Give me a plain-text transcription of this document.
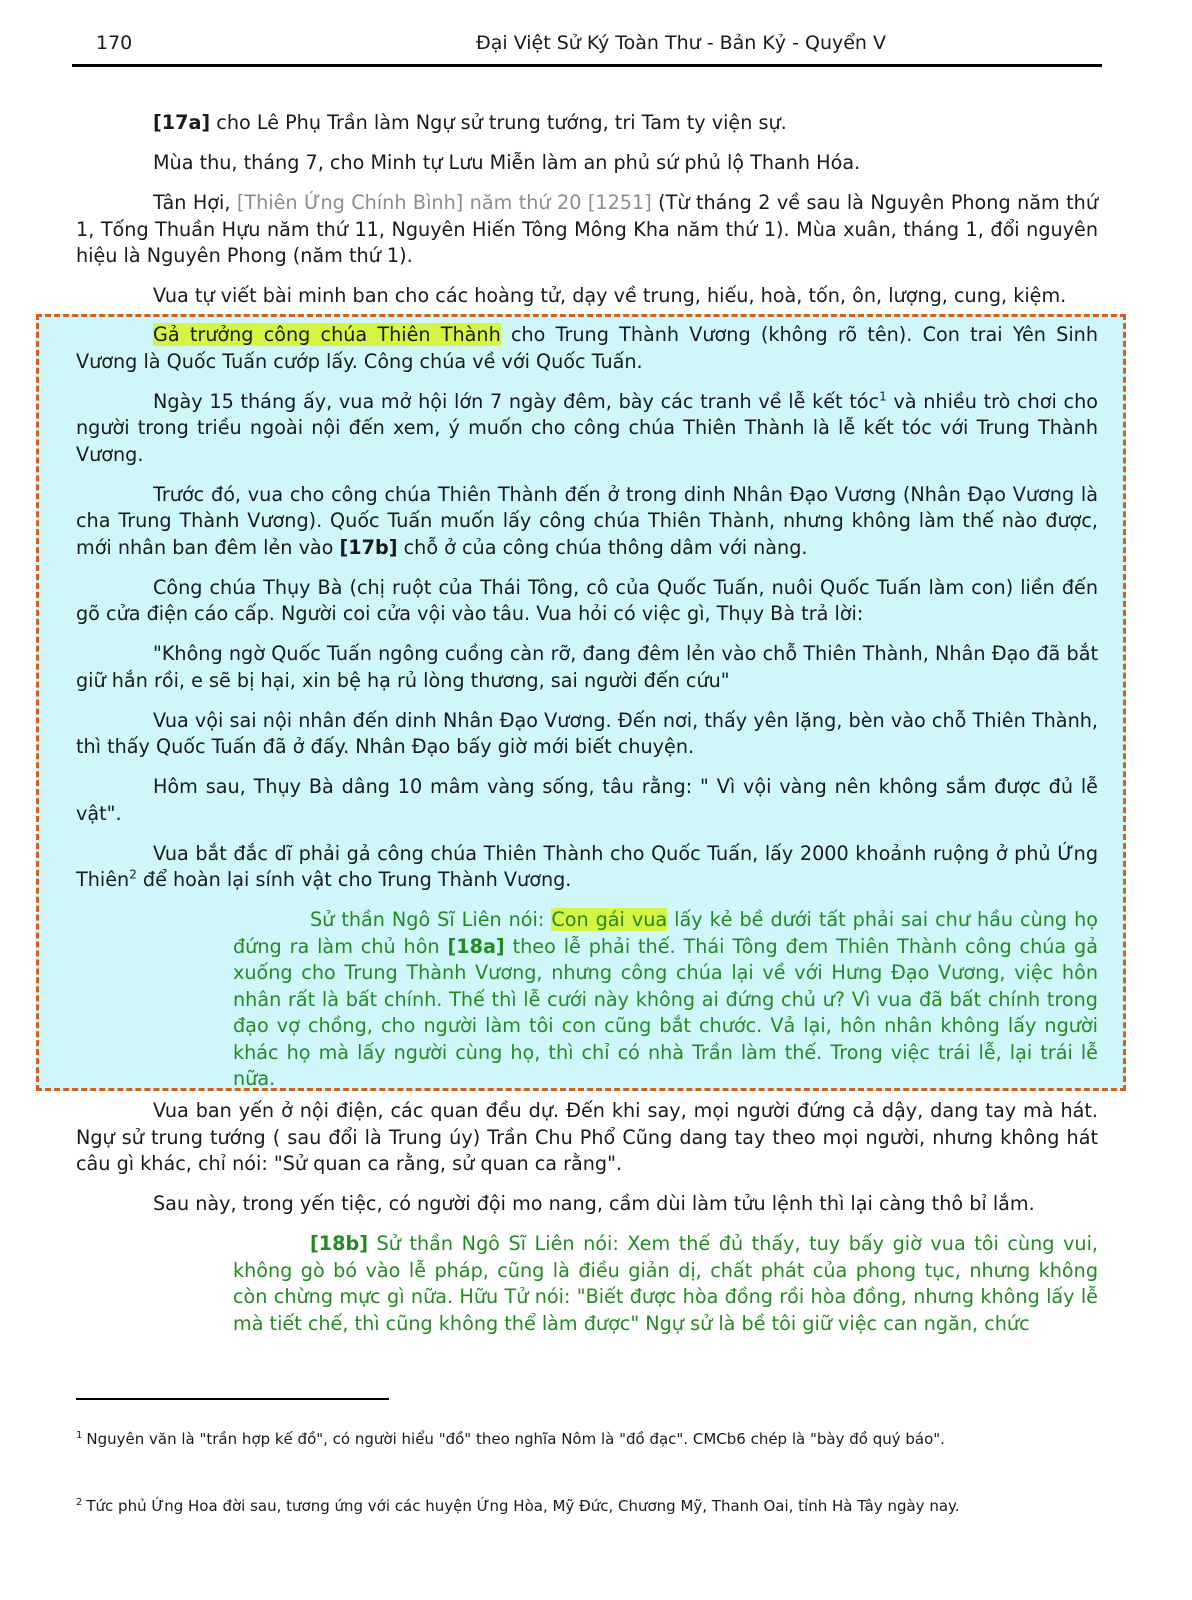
170	Đại Việt Sử Ký Toàn Thư - Bản Kỷ - Quyển V

[17a] cho Lê Phụ Trần làm Ngự sử trung tướng, tri Tam ty viện sự.

Mùa thu, tháng 7, cho Minh tự Lưu Miễn làm an phủ sứ phủ lộ Thanh Hóa.

Tân Hợi, [Thiên Ứng Chính Bình] năm thứ 20 [1251] (Từ tháng 2 về sau là Nguyên Phong năm thứ 1, Tống Thuần Hựu năm thứ 11, Nguyên Hiến Tông Mông Kha năm thứ 1). Mùa xuân, tháng 1, đổi nguyên hiệu là Nguyên Phong (năm thứ 1).

Vua tự viết bài minh ban cho các hoàng tử, dạy về trung, hiếu, hoà, tốn, ôn, lượng, cung, kiệm.

Gả trưởng công chúa Thiên Thành cho Trung Thành Vương (không rõ tên). Con trai Yên Sinh Vương là Quốc Tuấn cướp lấy. Công chúa về với Quốc Tuấn.

Ngày 15 tháng ấy, vua mở hội lớn 7 ngày đêm, bày các tranh về lễ kết tóc$^1$ và nhiều trò chơi cho người trong triều ngoài nội đến xem, ý muốn cho công chúa Thiên Thành là lễ kết tóc với Trung Thành Vương.

Trước đó, vua cho công chúa Thiên Thành đến ở trong dinh Nhân Đạo Vương (Nhân Đạo Vương là cha Trung Thành Vương). Quốc Tuấn muốn lấy công chúa Thiên Thành, nhưng không làm thế nào được, mới nhân ban đêm lẻn vào [17b] chỗ ở của công chúa thông dâm với nàng.

Công chúa Thụy Bà (chị ruột của Thái Tông, cô của Quốc Tuấn, nuôi Quốc Tuấn làm con) liền đến gõ cửa điện cáo cấp. Người coi cửa vội vào tâu. Vua hỏi có việc gì, Thụy Bà trả lời:

"Không ngờ Quốc Tuấn ngông cuồng càn rỡ, đang đêm lẻn vào chỗ Thiên Thành, Nhân Đạo đã bắt giữ hắn rồi, e sẽ bị hại, xin bệ hạ rủ lòng thương, sai người đến cứu"

Vua vội sai nội nhân đến dinh Nhân Đạo Vương. Đến nơi, thấy yên lặng, bèn vào chỗ Thiên Thành, thì thấy Quốc Tuấn đã ở đấy. Nhân Đạo bấy giờ mới biết chuyện.

Hôm sau, Thụy Bà dâng 10 mâm vàng sống, tâu rằng: " Vì vội vàng nên không sắm được đủ lễ vật".

Vua bắt đắc dĩ phải gả công chúa Thiên Thành cho Quốc Tuấn, lấy 2000 khoảnh ruộng ở phủ Ứng Thiên$^2$ để hoàn lại sính vật cho Trung Thành Vương.

Sử thần Ngô Sĩ Liên nói: Con gái vua lấy kẻ bề dưới tất phải sai chư hầu cùng họ đứng ra làm chủ hôn [18a] theo lễ phải thế. Thái Tông đem Thiên Thành công chúa gả xuống cho Trung Thành Vương, nhưng công chúa lại về với Hưng Đạo Vương, việc hôn nhân rất là bất chính. Thế thì lễ cưới này không ai đứng chủ ư? Vì vua đã bất chính trong đạo vợ chồng, cho người làm tôi con cũng bắt chước. Vả lại, hôn nhân không lấy người khác họ mà lấy người cùng họ, thì chỉ có nhà Trần làm thế. Trong việc trái lễ, lại trái lễ nữa.

Vua ban yến ở nội điện, các quan đều dự. Đến khi say, mọi người đứng cả dậy, dang tay mà hát. Ngự sử trung tướng ( sau đổi là Trung úy) Trần Chu Phổ Cũng dang tay theo mọi người, nhưng không hát câu gì khác, chỉ nói: "Sử quan ca rằng, sử quan ca rằng".

Sau này, trong yến tiệc, có người đội mo nang, cầm dùi làm tửu lệnh thì lại càng thô bỉ lắm.

[18b] Sử thần Ngô Sĩ Liên nói: Xem thế đủ thấy, tuy bấy giờ vua tôi cùng vui, không gò bó vào lễ pháp, cũng là điều giản dị, chất phát của phong tục, nhưng không còn chừng mực gì nữa. Hữu Tử nói: "Biết được hòa đồng rồi hòa đồng, nhưng không lấy lễ mà tiết chế, thì cũng không thể làm được" Ngự sử là bề tôi giữ việc can ngăn, chức

$^1$ Nguyên văn là "trần hợp kế đồ", có người hiểu "đồ" theo nghĩa Nôm là "đồ đạc". CMCb6 chép là "bày đồ quý báo".
$^2$ Tức phủ Ứng Hoa đời sau, tương ứng với các huyện Ứng Hòa, Mỹ Đức, Chương Mỹ, Thanh Oai, tỉnh Hà Tây ngày nay.
